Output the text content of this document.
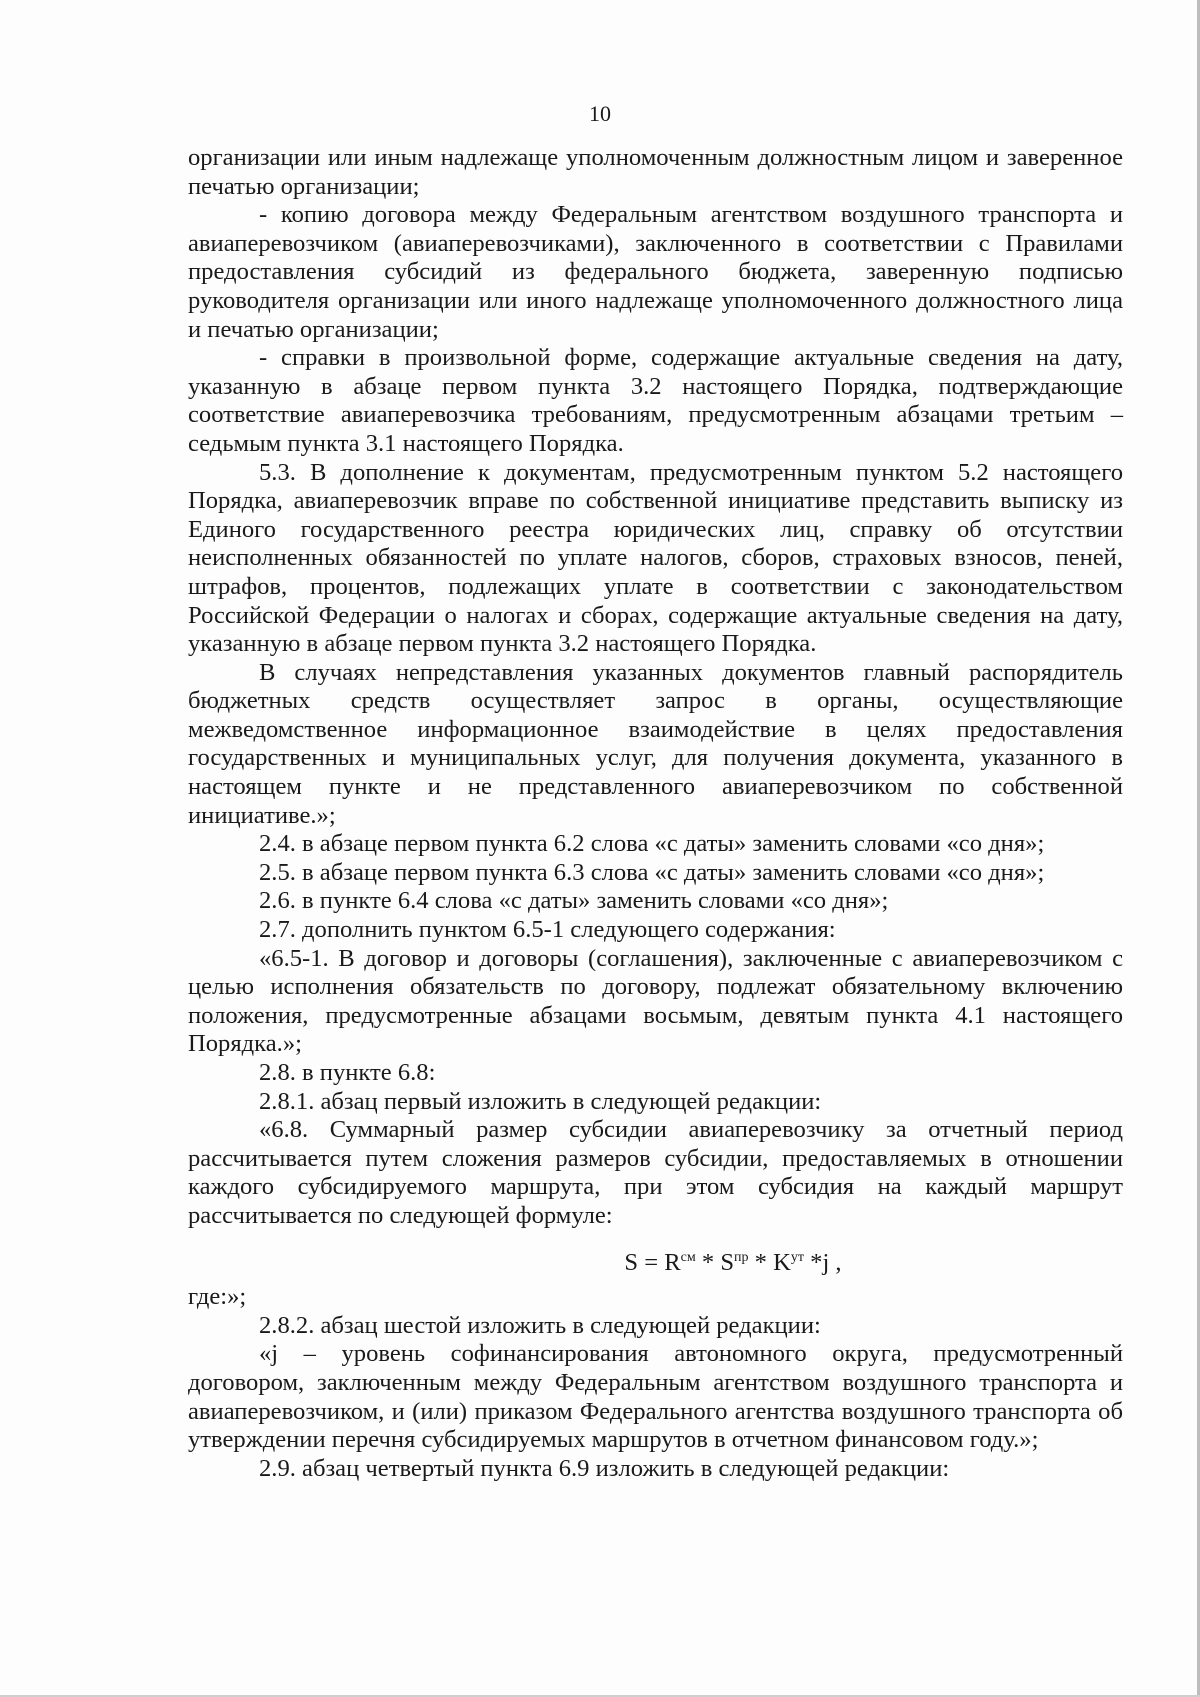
10

организации или иным надлежаще уполномоченным должностным лицом и заверенное печатью организации;

- копию договора между Федеральным агентством воздушного транспорта и авиаперевозчиком (авиаперевозчиками), заключенного в соответствии с Правилами предоставления субсидий из федерального бюджета, заверенную подписью руководителя организации или иного надлежаще уполномоченного должностного лица и печатью организации;

- справки в произвольной форме, содержащие актуальные сведения на дату, указанную в абзаце первом пункта 3.2 настоящего Порядка, подтверждающие соответствие авиаперевозчика требованиям, предусмотренным абзацами третьим – седьмым пункта 3.1 настоящего Порядка.

5.3. В дополнение к документам, предусмотренным пунктом 5.2 настоящего Порядка, авиаперевозчик вправе по собственной инициативе представить выписку из Единого государственного реестра юридических лиц, справку об отсутствии неисполненных обязанностей по уплате налогов, сборов, страховых взносов, пеней, штрафов, процентов, подлежащих уплате в соответствии с законодательством Российской Федерации о налогах и сборах, содержащие актуальные сведения на дату, указанную в абзаце первом пункта 3.2 настоящего Порядка.

В случаях непредставления указанных документов главный распорядитель бюджетных средств осуществляет запрос в органы, осуществляющие межведомственное информационное взаимодействие в целях предоставления государственных и муниципальных услуг, для получения документа, указанного в настоящем пункте и не представленного авиаперевозчиком по собственной инициативе.»;

2.4. в абзаце первом пункта 6.2 слова «с даты» заменить словами «со дня»;

2.5. в абзаце первом пункта 6.3 слова «с даты» заменить словами «со дня»;

2.6. в пункте 6.4 слова «с даты» заменить словами «со дня»;

2.7. дополнить пунктом 6.5-1 следующего содержания:

«6.5-1. В договор и договоры (соглашения), заключенные с авиаперевозчиком с целью исполнения обязательств по договору, подлежат обязательному включению положения, предусмотренные абзацами восьмым, девятым пункта 4.1 настоящего Порядка.»;

2.8. в пункте 6.8:

2.8.1. абзац первый изложить в следующей редакции:

«6.8. Суммарный размер субсидии авиаперевозчику за отчетный период рассчитывается путем сложения размеров субсидии, предоставляемых в отношении каждого субсидируемого маршрута, при этом субсидия на каждый маршрут рассчитывается по следующей формуле:

$S = R^{см} * S^{пр} * K^{ут}$ *j ,

где:»;

2.8.2. абзац шестой изложить в следующей редакции:

«j – уровень софинансирования автономного округа, предусмотренный договором, заключенным между Федеральным агентством воздушного транспорта и авиаперевозчиком, и (или) приказом Федерального агентства воздушного транспорта об утверждении перечня субсидируемых маршрутов в отчетном финансовом году.»;

2.9. абзац четвертый пункта 6.9 изложить в следующей редакции:
